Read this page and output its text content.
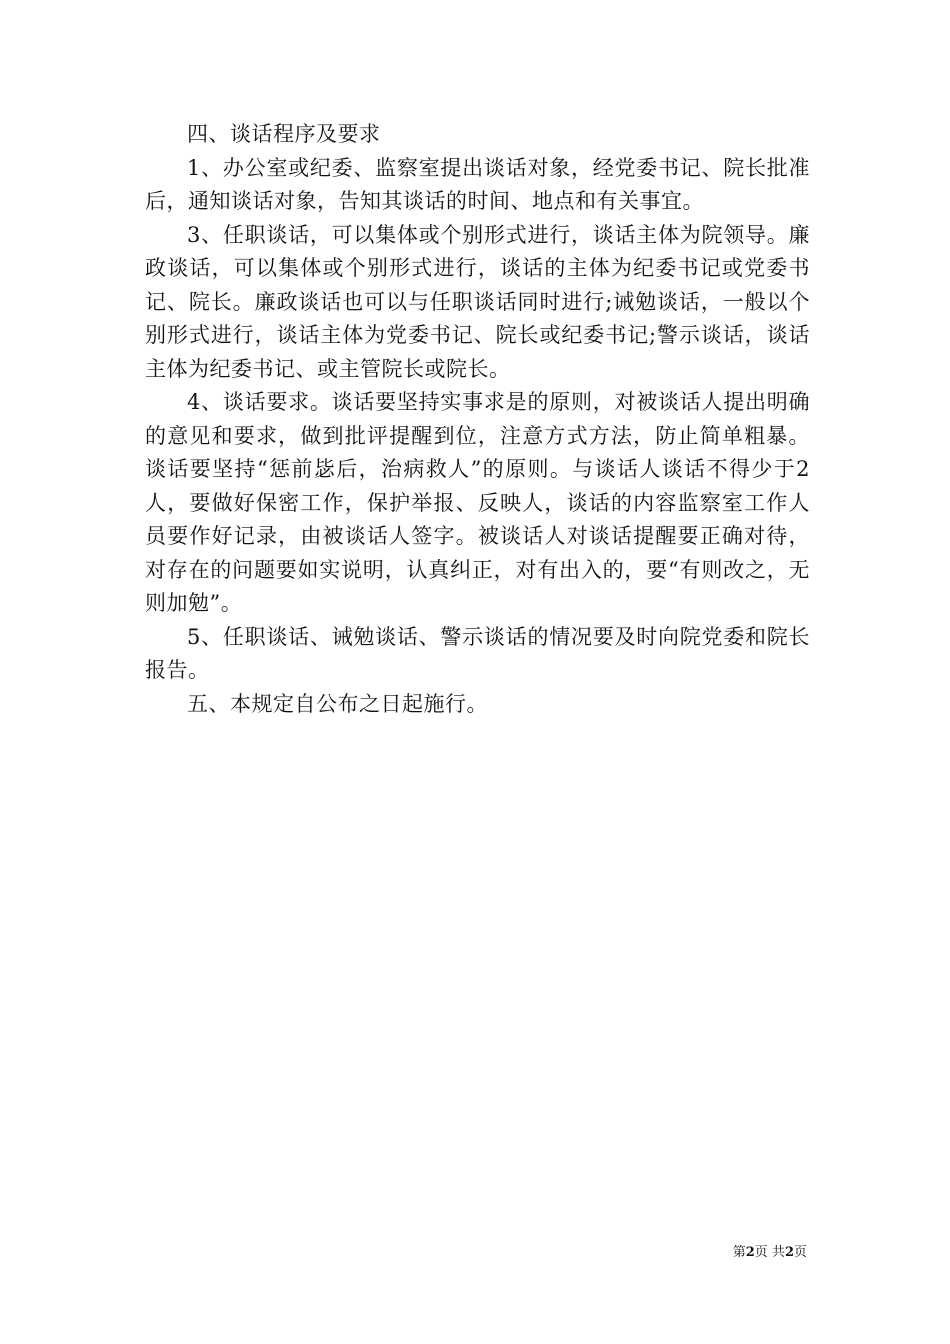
四、谈话程序及要求

1、办公室或纪委、监察室提出谈话对象，经党委书记、院长批准后，通知谈话对象，告知其谈话的时间、地点和有关事宜。

3、任职谈话，可以集体或个别形式进行，谈话主体为院领导。廉政谈话，可以集体或个别形式进行，谈话的主体为纪委书记或党委书记、院长。廉政谈话也可以与任职谈话同时进行;诫勉谈话，一般以个别形式进行，谈话主体为党委书记、院长或纪委书记;警示谈话，谈话主体为纪委书记、或主管院长或院长。

4、谈话要求。谈话要坚持实事求是的原则，对被谈话人提出明确的意见和要求，做到批评提醒到位，注意方式方法，防止简单粗暴。谈话要坚持“惩前毖后，治病救人”的原则。与谈话人谈话不得少于2人，要做好保密工作，保护举报、反映人，谈话的内容监察室工作人员要作好记录，由被谈话人签字。被谈话人对谈话提醒要正确对待，对存在的问题要如实说明，认真纠正，对有出入的，要“有则改之，无则加勉”。

5、任职谈话、诫勉谈话、警示谈话的情况要及时向院党委和院长报告。

五、本规定自公布之日起施行。

第2页 共2页
